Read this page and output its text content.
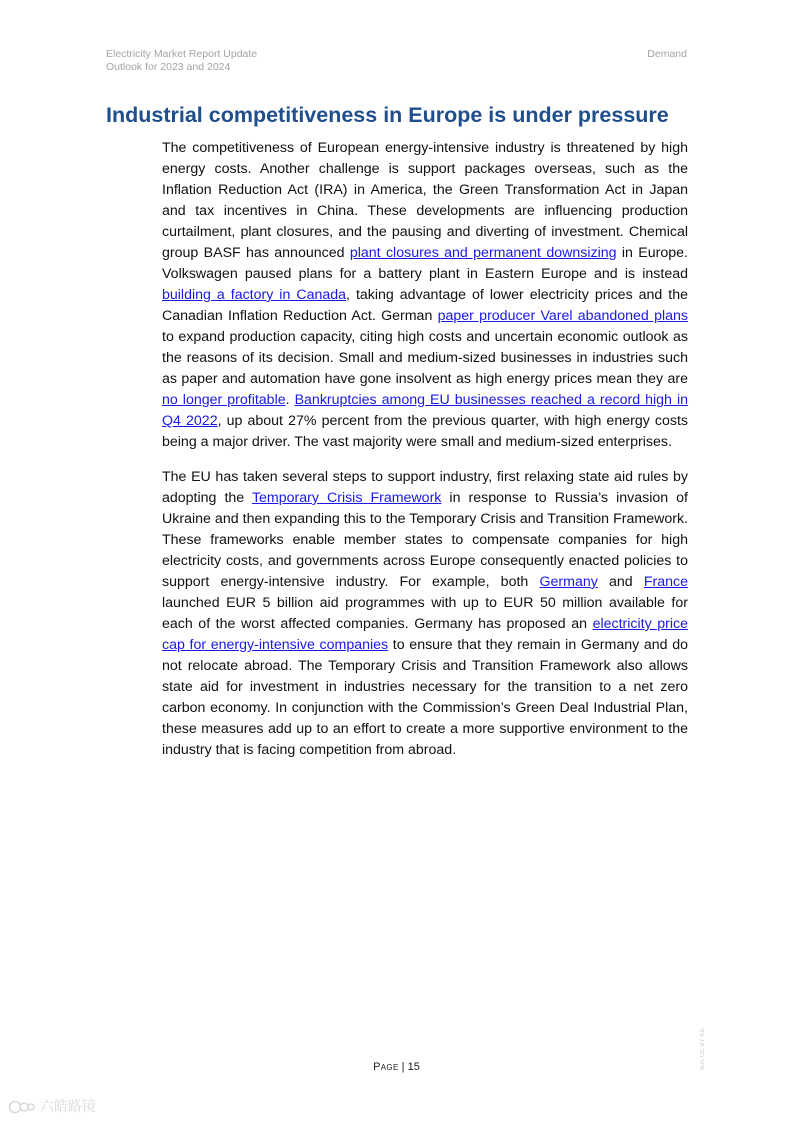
Electricity Market Report Update
Outlook for 2023 and 2024
Demand
Industrial competitiveness in Europe is under pressure

The competitiveness of European energy-intensive industry is threatened by high energy costs. Another challenge is support packages overseas, such as the Inflation Reduction Act (IRA) in America, the Green Transformation Act in Japan and tax incentives in China. These developments are influencing production curtailment, plant closures, and the pausing and diverting of investment. Chemical group BASF has announced plant closures and permanent downsizing in Europe. Volkswagen paused plans for a battery plant in Eastern Europe and is instead building a factory in Canada, taking advantage of lower electricity prices and the Canadian Inflation Reduction Act. German paper producer Varel abandoned plans to expand production capacity, citing high costs and uncertain economic outlook as the reasons of its decision. Small and medium-sized businesses in industries such as paper and automation have gone insolvent as high energy prices mean they are no longer profitable. Bankruptcies among EU businesses reached a record high in Q4 2022, up about 27% percent from the previous quarter, with high energy costs being a major driver. The vast majority were small and medium-sized enterprises.

The EU has taken several steps to support industry, first relaxing state aid rules by adopting the Temporary Crisis Framework in response to Russia’s invasion of Ukraine and then expanding this to the Temporary Crisis and Transition Framework. These frameworks enable member states to compensate companies for high electricity costs, and governments across Europe consequently enacted policies to support energy-intensive industry. For example, both Germany and France launched EUR 5 billion aid programmes with up to EUR 50 million available for each of the worst affected companies. Germany has proposed an electricity price cap for energy-intensive companies to ensure that they remain in Germany and do not relocate abroad. The Temporary Crisis and Transition Framework also allows state aid for investment in industries necessary for the transition to a net zero carbon economy. In conjunction with the Commission’s Green Deal Industrial Plan, these measures add up to an effort to create a more supportive environment to the industry that is facing competition from abroad.

IEA. CC BY 4.0.
Page | 15
六皓路镜
